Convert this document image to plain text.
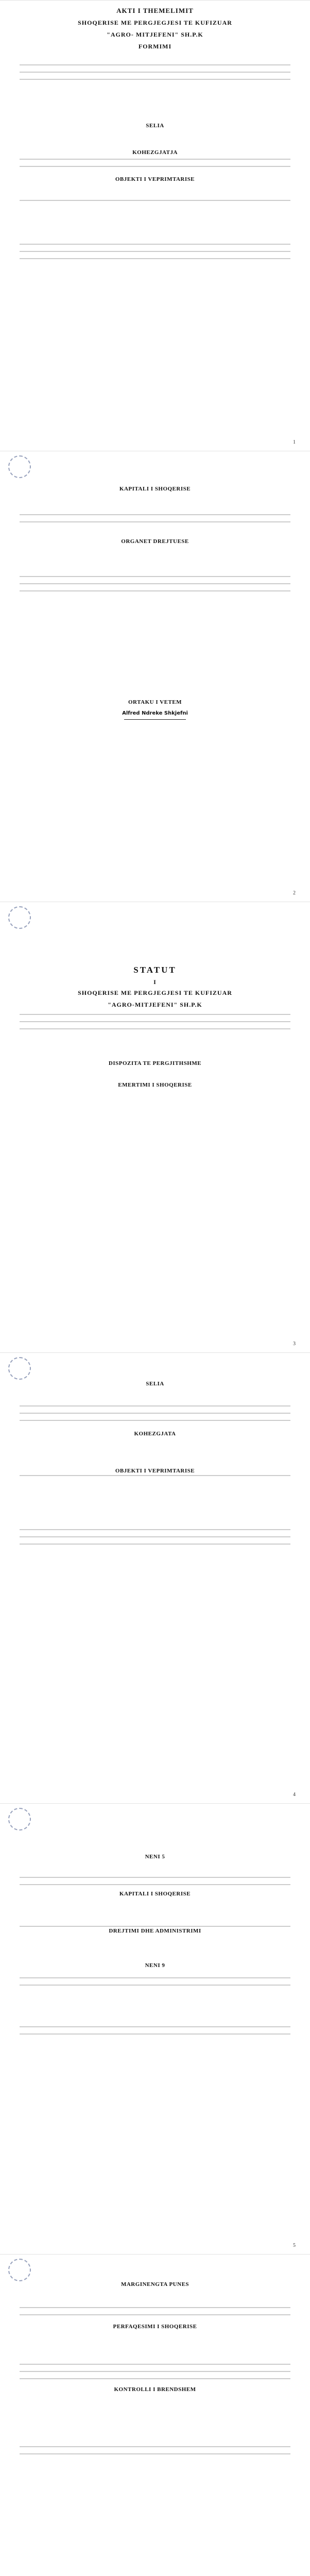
AKTI I THEMELIMIT
SHOQERISE ME PERGJEGJESI TE KUFIZUAR
"AGRO- MITJEFENI" SH.P.K
FORMIMI
SELIA
KOHEZGJATJA
OBJEKTI I VEPRIMTARISE
1
KAPITALI I SHOQERISE
ORGANET DREJTUESE
ORTAKU I VETEM
Alfred Ndreke Shkjefni
2
STATUT
I
SHOQERISE ME PERGJEGJESI TE KUFIZUAR
"AGRO-MITJEFENI" SH.P.K
DISPOZITA TE PERGJITHSHME
EMERTIMI I SHOQERISE
3
SELIA
KOHEZGJATA
OBJEKTI I VEPRIMTARISE
4
NENI 5
KAPITALI I SHOQERISE
DREJTIMI DHE ADMINISTRIMI
NENI 9
5
MARGINENGTA PUNES
PERFAQESIMI I SHOQERISE
KONTROLLI I BRENDSHEM
